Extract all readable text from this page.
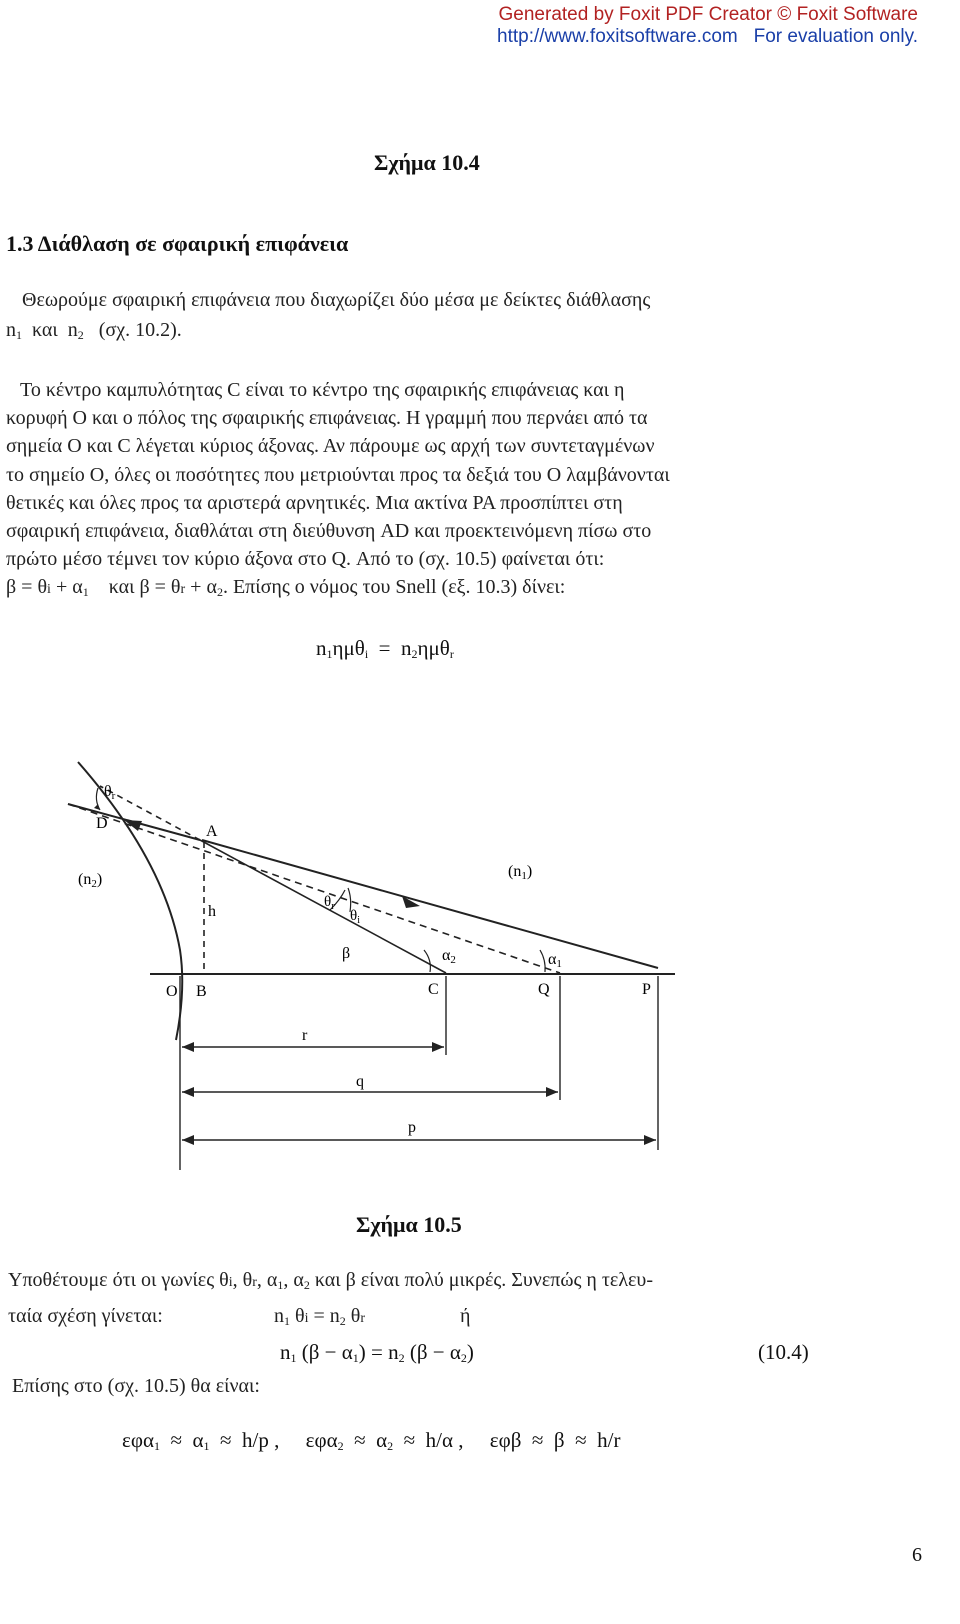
Generated by Foxit PDF Creator © Foxit Software
http://www.foxitsoftware.com For evaluation only.
Σχήμα 10.4
1.3 Διάθλαση σε σφαιρική επιφάνεια
Θεωρούμε σφαιρική επιφάνεια που διαχωρίζει δύο μέσα με δείκτες διάθλασης
$n_1$ και $n_2$ (σχ. 10.2).
Το κέντρο καμπυλότητας C είναι το κέντρο της σφαιρικής επιφάνειας και η
κορυφή O και ο πόλος της σφαιρικής επιφάνειας. Η γραμμή που περνάει από τα
σημεία O και C λέγεται κύριος άξονας. Αν πάρουμε ως αρχή των συντεταγμένων
το σημείο O, όλες οι ποσότητες που μετριούνται προς τα δεξιά του O λαμβάνονται
θετικές και όλες προς τα αριστερά αρνητικές. Μια ακτίνα PA προσπίπτει στη
σφαιρική επιφάνεια, διαθλάται στη διεύθυνση AD και προεκτεινόμενη πίσω στο
πρώτο μέσο τέμνει τον κύριο άξονα στο Q. Από το (σχ. 10.5) φαίνεται ότι:
$\beta = \theta i + \alpha_1$ και $\beta = \theta r + \alpha_2$. Επίσης ο νόμος του Snell (εξ. 10.3) δίνει:
$n_1\eta\mu\theta_i = n_2\eta\mu\theta_r$
θr
D	A
(n2)	(n1)
$\theta_r$
$\theta_i$
h
β	α2	α1
O B	C	Q	P
r
q
p
Σχήμα 10.5
Υποθέτουμε ότι οι γωνίες θi, θr, $\alpha_1$, $\alpha_2$ και β είναι πολύ μικρές. Συνεπώς η τελευ-
ταία σχέση γίνεται:	$n_1$ $\theta i = n_2$ θr	ή
$n_1$ $(\beta - \alpha_1) = n_2$ $(\beta - \alpha_2)$	(10.4)
Επίσης στο (σχ. 10.5) θα είναι:
$\varepsilon\varphi\alpha_1 \approx \alpha_1 \approx h/p$ , $\varepsilon\varphi\alpha_2 \approx \alpha_2 \approx h/\alpha$ , εφβ ≈ β ≈ h/r
6
